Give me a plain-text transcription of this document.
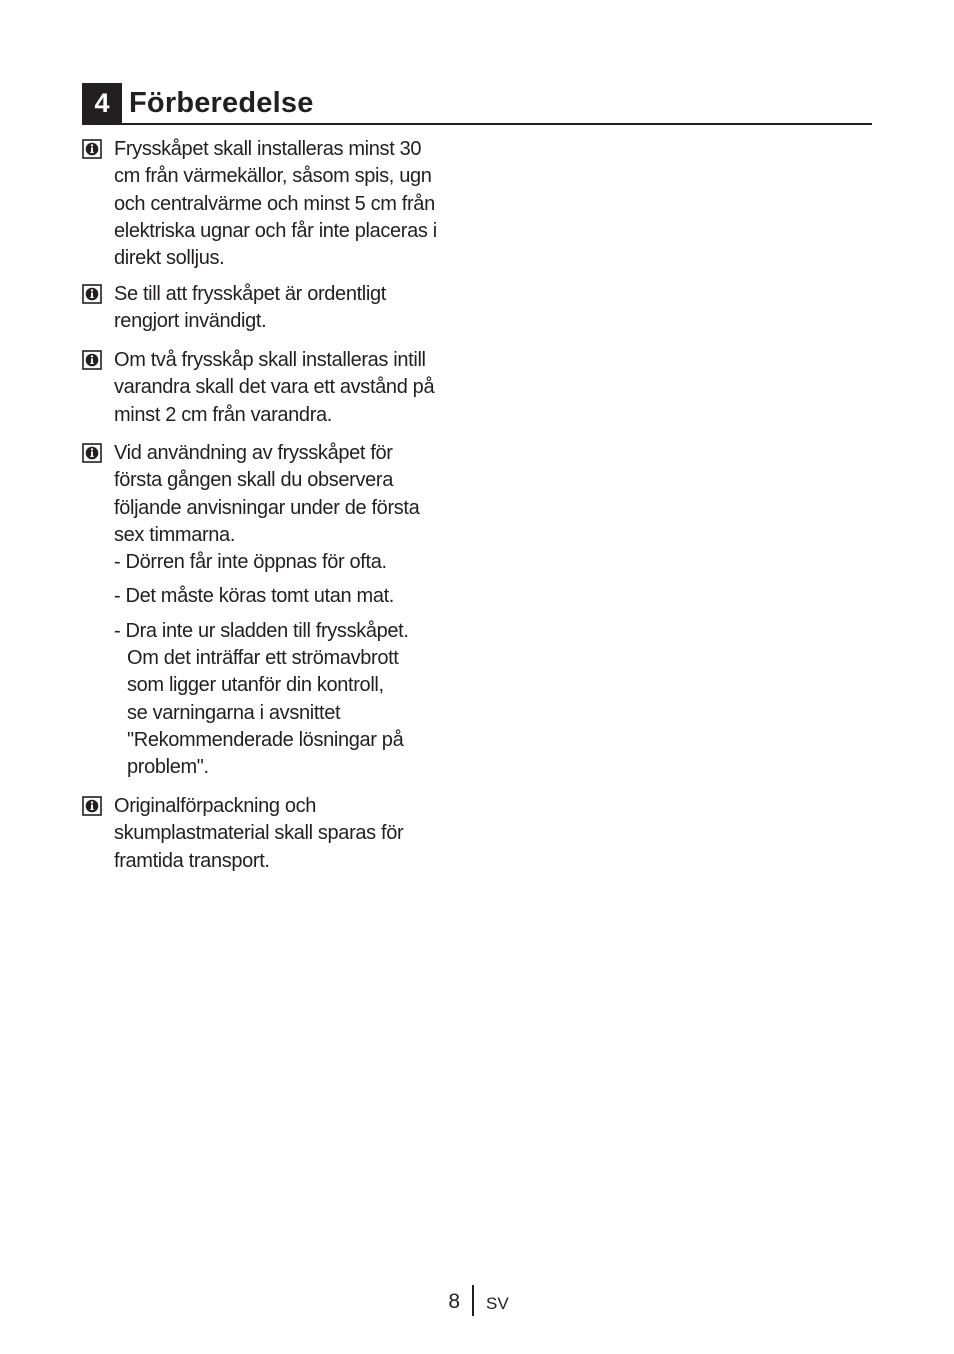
4 Förberedelse
Frysskåpet skall installeras minst 30
cm från värmekällor, såsom spis, ugn
och centralvärme och minst 5 cm från
elektriska ugnar och får inte placeras i
direkt solljus.
Se till att frysskåpet är ordentligt
rengjort invändigt.
Om två frysskåp skall installeras intill
varandra skall det vara ett avstånd på
minst 2 cm från varandra.
Vid användning av frysskåpet för
första gången skall du observera
följande anvisningar under de första
sex timmarna.
- Dörren får inte öppnas för ofta.
- Det måste köras tomt utan mat.
- Dra inte ur sladden till frysskåpet.
Om det inträffar ett strömavbrott
som ligger utanför din kontroll,
se varningarna i avsnittet
"Rekommenderade lösningar på
problem".
Originalförpackning och
skumplastmaterial skall sparas för
framtida transport.
8 SV
